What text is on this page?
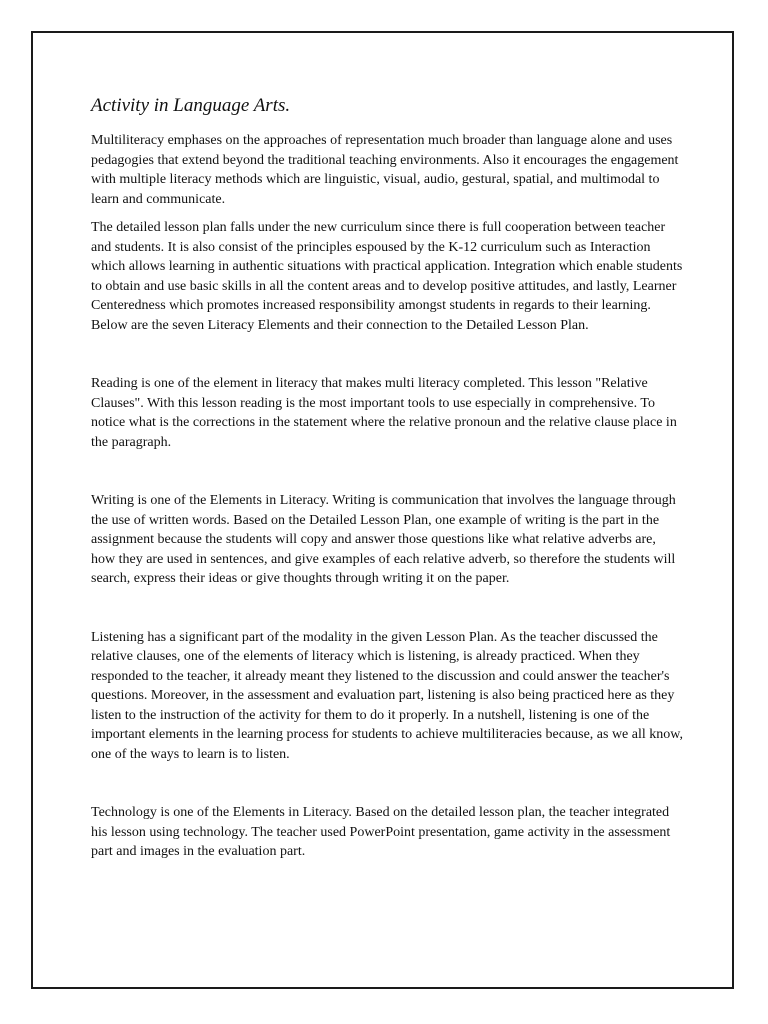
Activity in Language Arts.

Multiliteracy emphases on the approaches of representation much broader than language alone and uses pedagogies that extend beyond the traditional teaching environments. Also it encourages the engagement with multiple literacy methods which are linguistic, visual, audio, gestural, spatial, and multimodal to learn and communicate.

The detailed lesson plan falls under the new curriculum since there is full cooperation between teacher and students. It is also consist of the principles espoused by the K-12 curriculum such as Interaction which allows learning in authentic situations with practical application. Integration which enable students to obtain and use basic skills in all the content areas and to develop positive attitudes, and lastly, Learner Centeredness which promotes increased responsibility amongst students in regards to their learning. Below are the seven Literacy Elements and their connection to the Detailed Lesson Plan.

Reading is one of the element in literacy that makes multi literacy completed. This lesson "Relative Clauses". With this lesson reading is the most important tools to use especially in comprehensive. To notice what is the corrections in the statement where the relative pronoun and the relative clause place in the paragraph.

Writing is one of the Elements in Literacy. Writing is communication that involves the language through the use of written words. Based on the Detailed Lesson Plan, one example of writing is the part in the assignment because the students will copy and answer those questions like what relative adverbs are, how they are used in sentences, and give examples of each relative adverb, so therefore the students will search, express their ideas or give thoughts through writing it on the paper.

Listening has a significant part of the modality in the given Lesson Plan. As the teacher discussed the relative clauses, one of the elements of literacy which is listening, is already practiced. When they responded to the teacher, it already meant they listened to the discussion and could answer the teacher's questions. Moreover, in the assessment and evaluation part, listening is also being practiced here as they listen to the instruction of the activity for them to do it properly. In a nutshell, listening is one of the important elements in the learning process for students to achieve multiliteracies because, as we all know, one of the ways to learn is to listen.

Technology is one of the Elements in Literacy. Based on the detailed lesson plan, the teacher integrated his lesson using technology. The teacher used PowerPoint presentation, game activity in the assessment part and images in the evaluation part.
